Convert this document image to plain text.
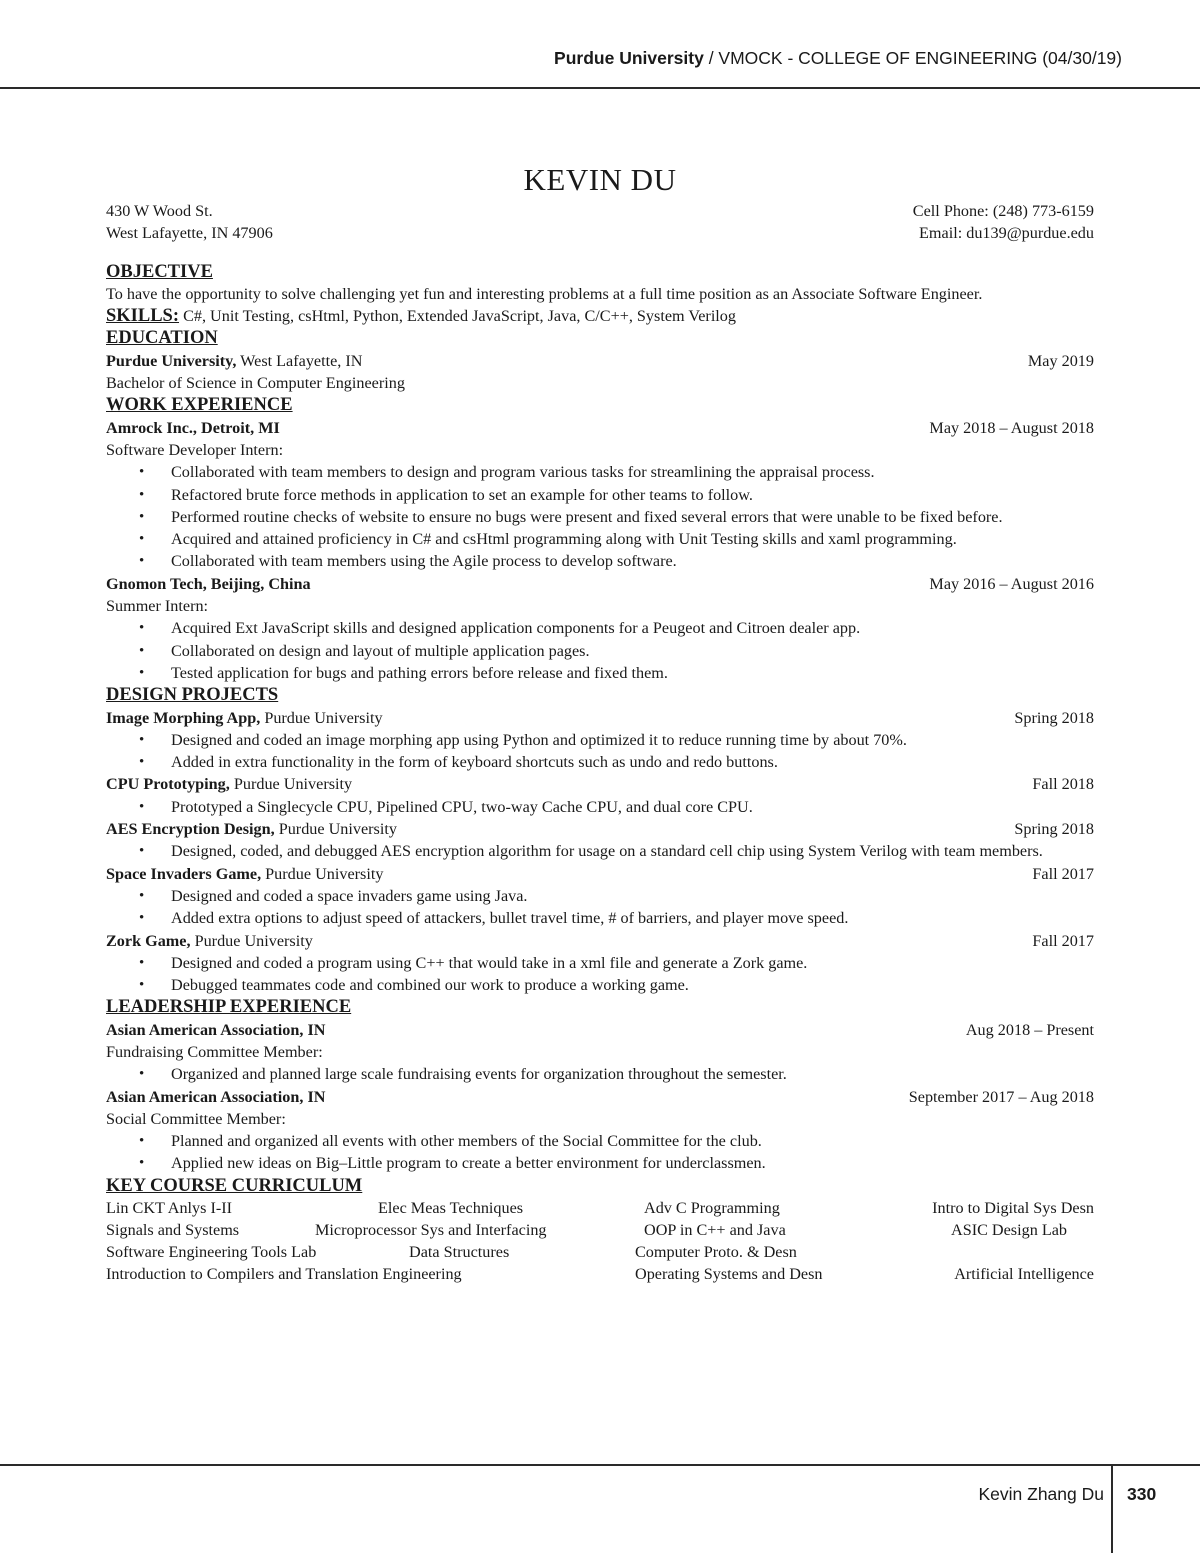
Purdue University / VMOCK - COLLEGE OF ENGINEERING (04/30/19)
KEVIN DU
430 W Wood St.	Cell Phone: (248) 773-6159
West Lafayette, IN 47906	Email: du139@purdue.edu
OBJECTIVE
To have the opportunity to solve challenging yet fun and interesting problems at a full time position as an Associate Software Engineer.
SKILLS: C#, Unit Testing, csHtml, Python, Extended JavaScript, Java, C/C++, System Verilog
EDUCATION
Purdue University, West Lafayette, IN	May 2019
Bachelor of Science in Computer Engineering
WORK EXPERIENCE
Amrock Inc., Detroit, MI	May 2018 – August 2018
Software Developer Intern:
• Collaborated with team members to design and program various tasks for streamlining the appraisal process.
• Refactored brute force methods in application to set an example for other teams to follow.
• Performed routine checks of website to ensure no bugs were present and fixed several errors that were unable to be fixed before.
• Acquired and attained proficiency in C# and csHtml programming along with Unit Testing skills and xaml programming.
• Collaborated with team members using the Agile process to develop software.
Gnomon Tech, Beijing, China	May 2016 – August 2016
Summer Intern:
• Acquired Ext JavaScript skills and designed application components for a Peugeot and Citroen dealer app.
• Collaborated on design and layout of multiple application pages.
• Tested application for bugs and pathing errors before release and fixed them.
DESIGN PROJECTS
Image Morphing App, Purdue University	Spring 2018
• Designed and coded an image morphing app using Python and optimized it to reduce running time by about 70%.
• Added in extra functionality in the form of keyboard shortcuts such as undo and redo buttons.
CPU Prototyping, Purdue University	Fall 2018
• Prototyped a Singlecycle CPU, Pipelined CPU, two-way Cache CPU, and dual core CPU.
AES Encryption Design, Purdue University	Spring 2018
• Designed, coded, and debugged AES encryption algorithm for usage on a standard cell chip using System Verilog with team members.
Space Invaders Game, Purdue University	Fall 2017
• Designed and coded a space invaders game using Java.
• Added extra options to adjust speed of attackers, bullet travel time, # of barriers, and player move speed.
Zork Game, Purdue University	Fall 2017
• Designed and coded a program using C++ that would take in a xml file and generate a Zork game.
• Debugged teammates code and combined our work to produce a working game.
LEADERSHIP EXPERIENCE
Asian American Association, IN	Aug 2018 – Present
Fundraising Committee Member:
• Organized and planned large scale fundraising events for organization throughout the semester.
Asian American Association, IN	September 2017 – Aug 2018
Social Committee Member:
• Planned and organized all events with other members of the Social Committee for the club.
• Applied new ideas on Big–Little program to create a better environment for underclassmen.
KEY COURSE CURRICULUM
Lin CKT Anlys I-II	Elec Meas Techniques	Adv C Programming	Intro to Digital Sys Desn
Signals and Systems	Microprocessor Sys and Interfacing	OOP in C++ and Java	ASIC Design Lab
Software Engineering Tools Lab	Data Structures	Computer Proto. & Desn
Introduction to Compilers and Translation Engineering	Operating Systems and Desn	Artificial Intelligence
Kevin Zhang Du 330
